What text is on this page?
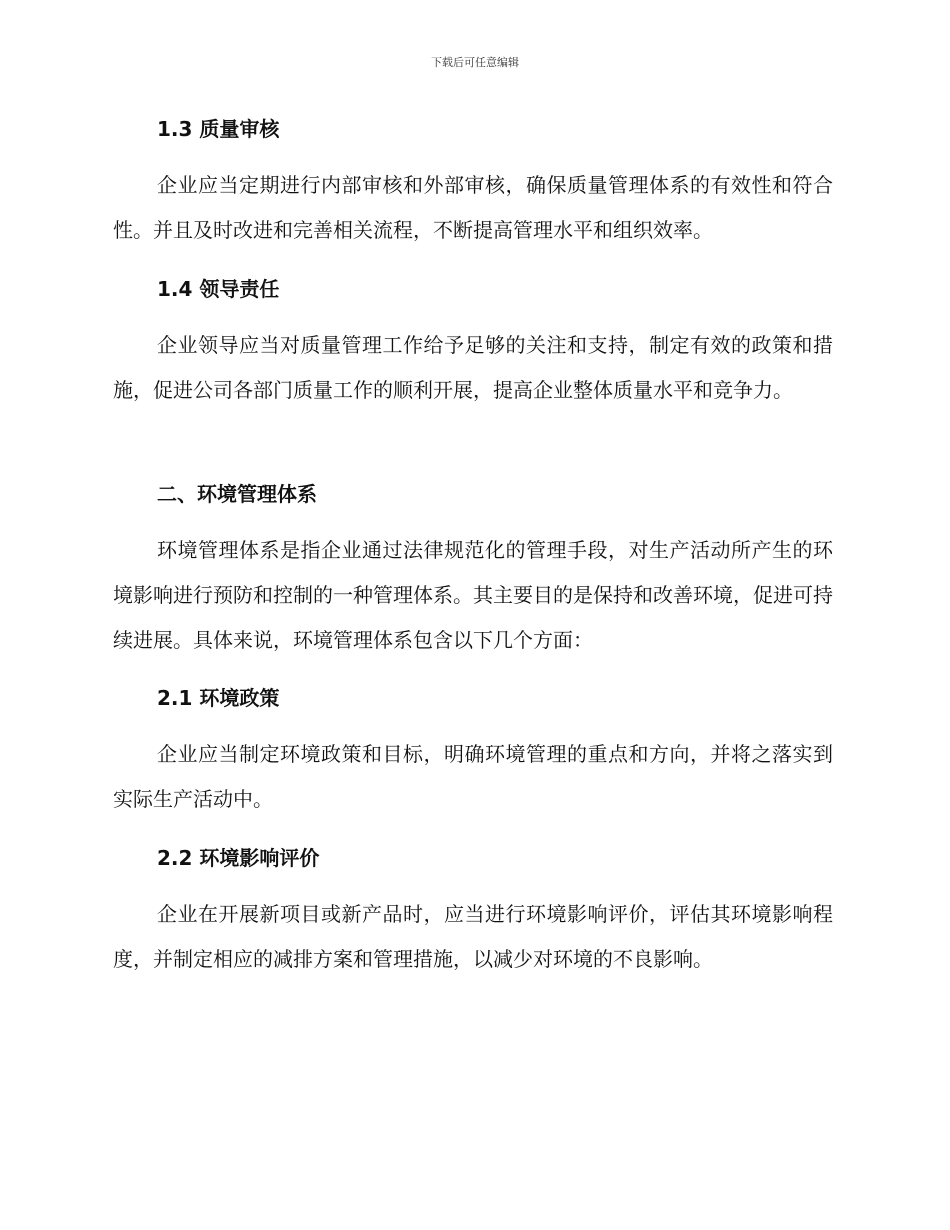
下载后可任意编辑
1.3 质量审核

企业应当定期进行内部审核和外部审核，确保质量管理体系的有效性和符合性。并且及时改进和完善相关流程，不断提高管理水平和组织效率。

1.4 领导责任

企业领导应当对质量管理工作给予足够的关注和支持，制定有效的政策和措施，促进公司各部门质量工作的顺利开展，提高企业整体质量水平和竞争力。

二、环境管理体系

环境管理体系是指企业通过法律规范化的管理手段，对生产活动所产生的环境影响进行预防和控制的一种管理体系。其主要目的是保持和改善环境，促进可持续进展。具体来说，环境管理体系包含以下几个方面：

2.1 环境政策

企业应当制定环境政策和目标，明确环境管理的重点和方向，并将之落实到实际生产活动中。

2.2 环境影响评价

企业在开展新项目或新产品时，应当进行环境影响评价，评估其环境影响程度，并制定相应的减排方案和管理措施，以减少对环境的不良影响。
